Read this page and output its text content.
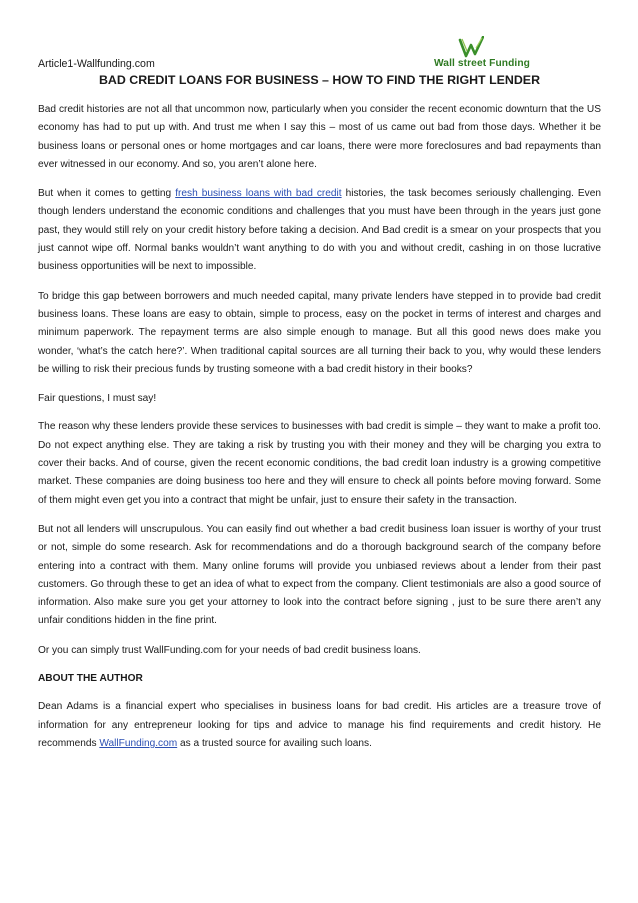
Article1-Wallfunding.com	Wall street Funding
BAD CREDIT LOANS FOR BUSINESS – HOW TO FIND THE RIGHT LENDER

Bad credit histories are not all that uncommon now, particularly when you consider the recent economic downturn that the US economy has had to put up with. And trust me when I say this – most of us came out bad from those days. Whether it be business loans or personal ones or home mortgages and car loans, there were more foreclosures and bad repayments than ever witnessed in our economy. And so, you aren’t alone here.

But when it comes to getting fresh business loans with bad credit histories, the task becomes seriously challenging. Even though lenders understand the economic conditions and challenges that you must have been through in the years just gone past, they would still rely on your credit history before taking a decision. And Bad credit is a smear on your prospects that you just cannot wipe off. Normal banks wouldn’t want anything to do with you and without credit, cashing in on those lucrative business opportunities will be next to impossible.

To bridge this gap between borrowers and much needed capital, many private lenders have stepped in to provide bad credit business loans. These loans are easy to obtain, simple to process, easy on the pocket in terms of interest and charges and minimum paperwork. The repayment terms are also simple enough to manage. But all this good news does make you wonder, ‘what’s the catch here?’. When traditional capital sources are all turning their back to you, why would these lenders be willing to risk their precious funds by trusting someone with a bad credit history in their books?

Fair questions, I must say!

The reason why these lenders provide these services to businesses with bad credit is simple – they want to make a profit too. Do not expect anything else. They are taking a risk by trusting you with their money and they will be charging you extra to cover their backs. And of course, given the recent economic conditions, the bad credit loan industry is a growing competitive market. These companies are doing business too here and they will ensure to check all points before moving forward. Some of them might even get you into a contract that might be unfair, just to ensure their safety in the transaction.

But not all lenders will unscrupulous. You can easily find out whether a bad credit business loan issuer is worthy of your trust or not, simple do some research. Ask for recommendations and do a thorough background search of the company before entering into a contract with them. Many online forums will provide you unbiased reviews about a lender from their past customers. Go through these to get an idea of what to expect from the company. Client testimonials are also a good source of information. Also make sure you get your attorney to look into the contract before signing , just to be sure there aren’t any unfair conditions hidden in the fine print.

Or you can simply trust WallFunding.com for your needs of bad credit business loans.

ABOUT THE AUTHOR

Dean Adams is a financial expert who specialises in business loans for bad credit. His articles are a treasure trove of information for any entrepreneur looking for tips and advice to manage his find requirements and credit history. He recommends WallFunding.com as a trusted source for availing such loans.
